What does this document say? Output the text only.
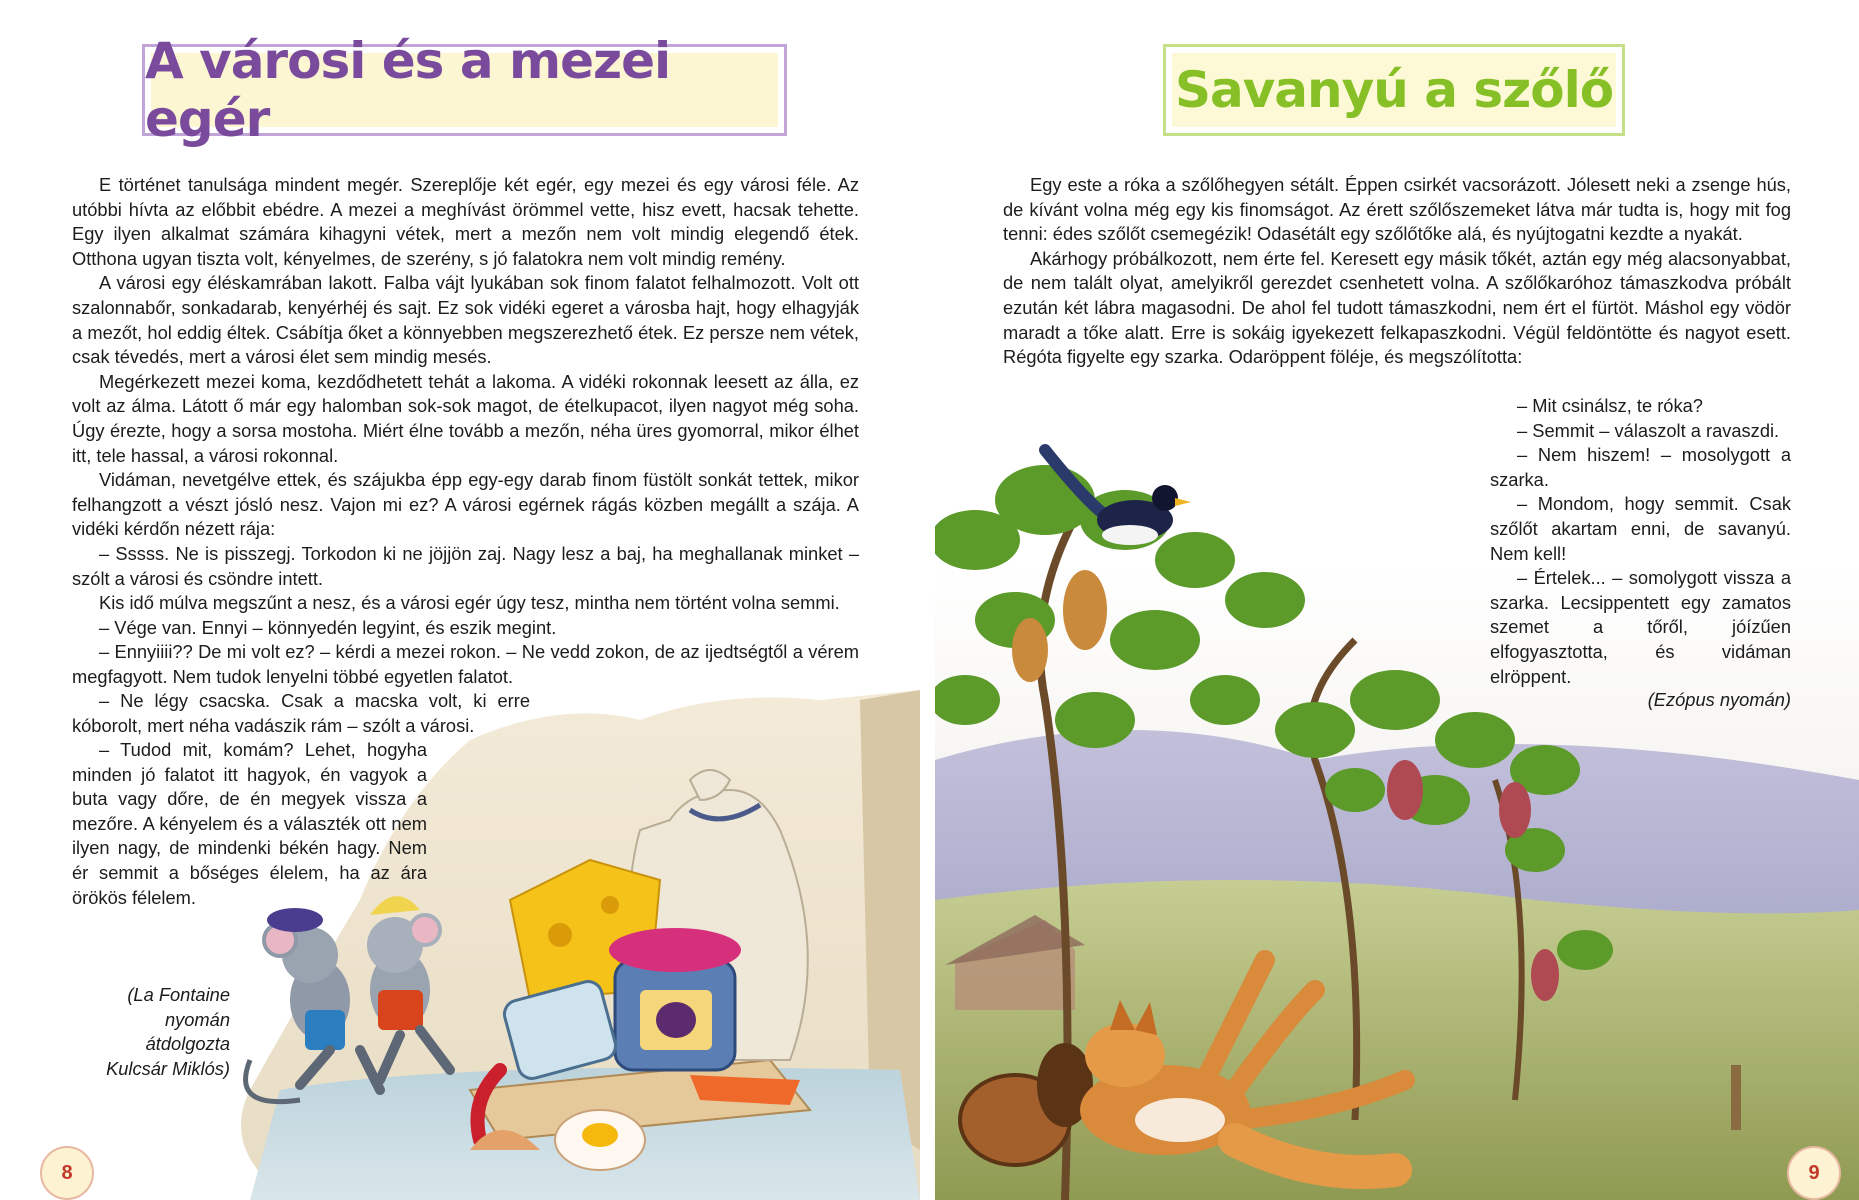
A városi és a mezei egér

E történet tanulsága mindent megér. Szereplője két egér, egy mezei és egy városi féle. Az utóbbi hívta az előbbit ebédre. A mezei a meghívást örömmel vette, hisz evett, hacsak tehette. Egy ilyen alkalmat számára kihagyni vétek, mert a mezőn nem volt mindig elegendő étek. Otthona ugyan tiszta volt, kényelmes, de szerény, s jó falatokra nem volt mindig remény.

A városi egy éléskamrában lakott. Falba vájt lyukában sok finom falatot felhalmozott. Volt ott szalonnabőr, sonkadarab, kenyérhéj és sajt. Ez sok vidéki egeret a városba hajt, hogy elhagyják a mezőt, hol eddig éltek. Csábítja őket a könnyebben megszerezhető étek. Ez persze nem vétek, csak tévedés, mert a városi élet sem mindig mesés.

Megérkezett mezei koma, kezdődhetett tehát a lakoma. A vidéki rokonnak leesett az álla, ez volt az álma. Látott ő már egy halomban sok-sok magot, de ételkupacot, ilyen nagyot még soha. Úgy érezte, hogy a sorsa mostoha. Miért élne tovább a mezőn, néha üres gyomorral, mikor élhet itt, tele hassal, a városi rokonnal.

Vidáman, nevetgélve ettek, és szájukba épp egy-egy darab finom füstölt sonkát tettek, mikor felhangzott a vészt jósló nesz. Vajon mi ez? A városi egérnek rágás közben megállt a szája. A vidéki kérdőn nézett rája:

– Sssss. Ne is pisszegj. Torkodon ki ne jöjjön zaj. Nagy lesz a baj, ha meghallanak minket – szólt a városi és csöndre intett.

Kis idő múlva megszűnt a nesz, és a városi egér úgy tesz, mintha nem történt volna semmi.

– Vége van. Ennyi – könnyedén legyint, és eszik megint.

– Ennyiiii?? De mi volt ez? – kérdi a mezei rokon. – Ne vedd zokon, de az ijedtségtől a vérem megfagyott. Nem tudok lenyelni többé egyetlen falatot.

– Ne légy csacska. Csak a macska volt, ki erre kóborolt, mert néha vadászik rám – szólt a városi.

– Tudod mit, komám? Lehet, hogyha minden jó falatot itt hagyok, én vagyok a buta vagy dőre, de én megyek vissza a mezőre. A kényelem és a választék ott nem ilyen nagy, de mindenki békén hagy. Nem ér semmit a bőséges élelem, ha az ára örökös félelem.

(La Fontaine
nyomán
átdolgozta
Kulcsár Miklós)
8
Savanyú a szőlő

Egy este a róka a szőlőhegyen sétált. Éppen csirkét vacsorázott. Jólesett neki a zsenge hús, de kívánt volna még egy kis finomságot. Az érett szőlőszemeket látva már tudta is, hogy mit fog tenni: édes szőlőt csemegézik! Odasétált egy szőlőtőke alá, és nyújtogatni kezdte a nyakát.

Akárhogy próbálkozott, nem érte fel. Keresett egy másik tőkét, aztán egy még alacsonyabbat, de nem talált olyat, amelyikről gerezdet csenhetett volna. A szőlőkaróhoz támaszkodva próbált ezután két lábra magasodni. De ahol fel tudott támaszkodni, nem ért el fürtöt. Máshol egy vödör maradt a tőke alatt. Erre is sokáig igyekezett felkapaszkodni. Végül feldöntötte és nagyot esett. Régóta figyelte egy szarka. Odaröppent föléje, és megszólította:

– Mit csinálsz, te róka?

– Semmit – válaszolt a ravaszdi.

– Nem hiszem! – mosolygott a szarka.

– Mondom, hogy semmit. Csak szőlőt akartam enni, de savanyú. Nem kell!

– Értelek... – somolygott vissza a szarka. Lecsippentett egy zamatos szemet a tőről, jóízűen elfogyasztotta, és vidáman elröppent.

(Ezópus nyomán)
9
